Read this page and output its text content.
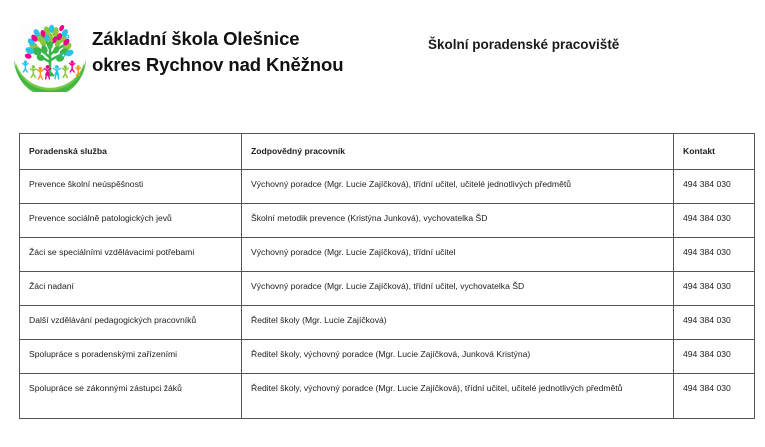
Základní škola Olešnice
okres Rychnov nad Kněžnou
Školní poradenské pracoviště
Poradenská služba	Zodpovědný pracovník	Kontakt
Prevence školní neúspěšnosti	Výchovný poradce (Mgr. Lucie Zajíčková), třídní učitel, učitelé jednotlivých předmětů	494 384 030
Prevence sociálně patologických jevů	Školní metodik prevence (Kristýna Junková), vychovatelka ŠD	494 384 030
Žáci se speciálními vzdělávacimi potřebami	Výchovný poradce (Mgr. Lucie Zajíčková), třídní učitel	494 384 030
Žáci nadaní	Výchovný poradce (Mgr. Lucie Zajíčková), třídní učitel, vychovatelka ŠD	494 384 030
Další vzdělávání pedagogických pracovníků	Ředitel školy (Mgr. Lucie Zajíčková)	494 384 030
Spolupráce s poradenskými zařízeními	Ředitel školy, výchovný poradce (Mgr. Lucie Zajíčková, Junková Kristýna)	494 384 030
Spolupráce se zákonnými zástupci žáků	Ředitel školy, výchovný poradce (Mgr. Lucie Zajíčková), třídní učitel, učitelé jednotlivých předmětů	494 384 030
